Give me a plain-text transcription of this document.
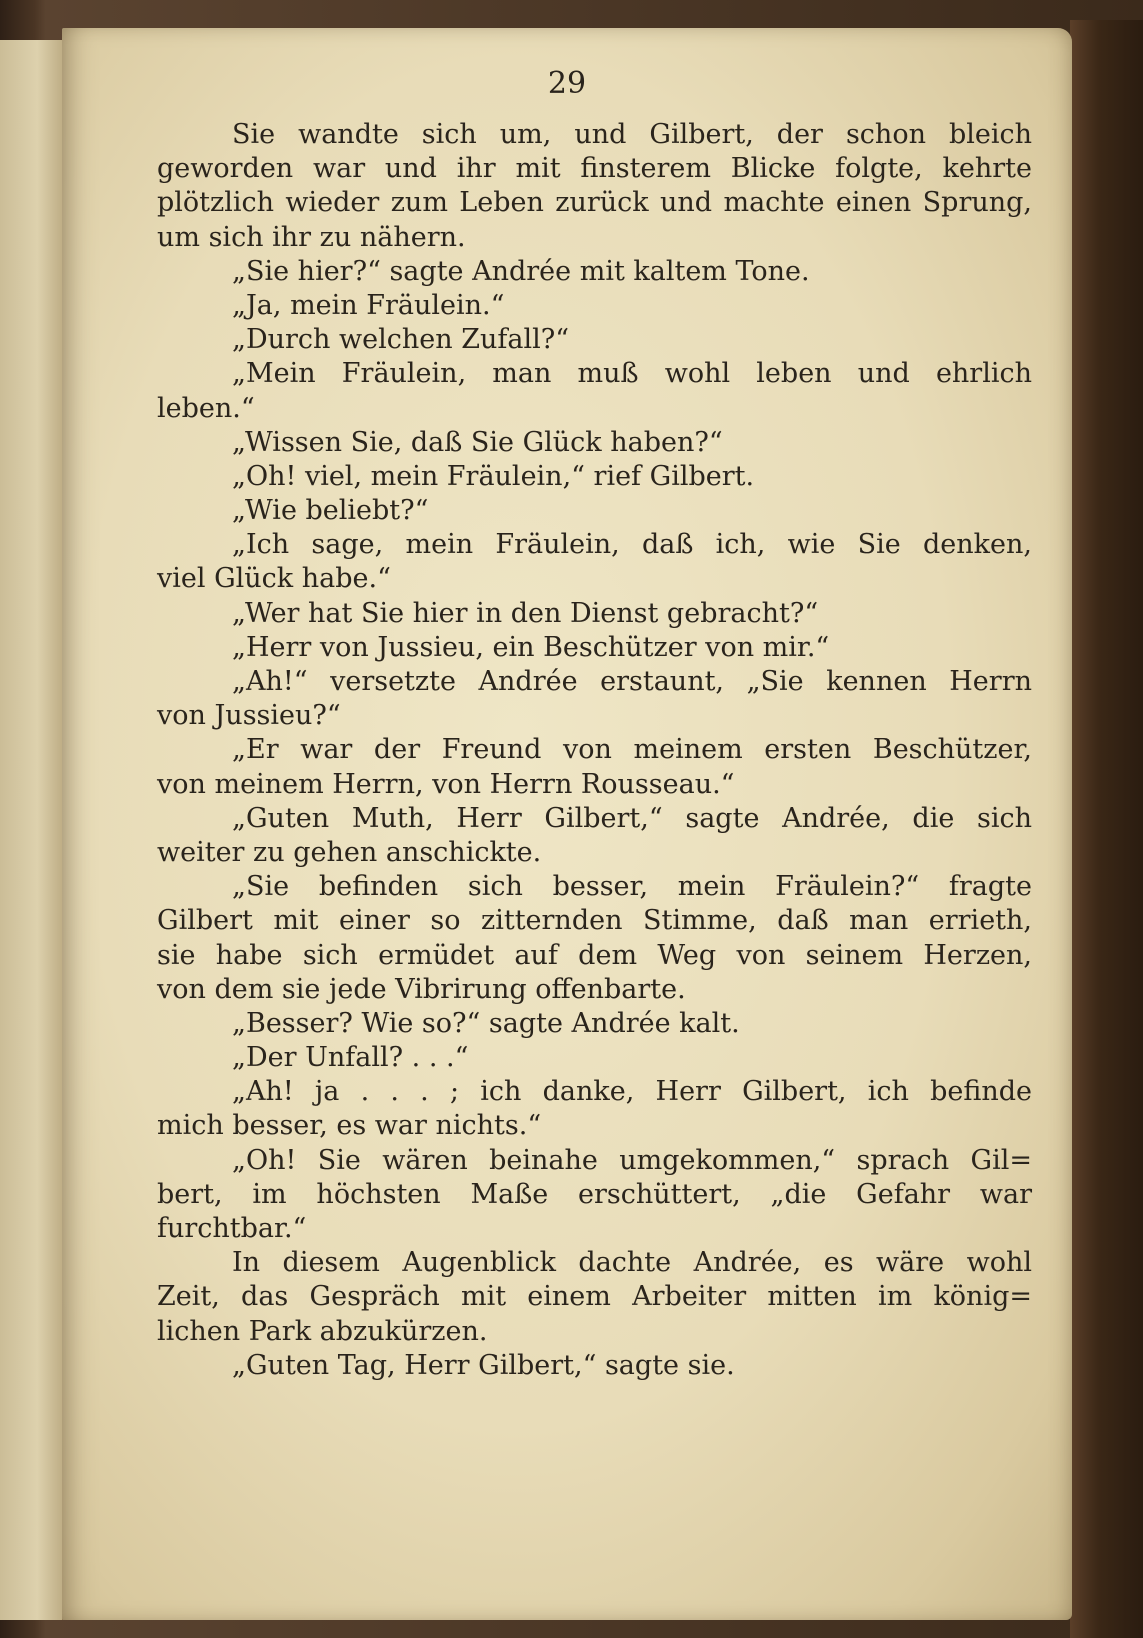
29
Sie wandte sich um, und Gilbert, der schon bleich
geworden war und ihr mit finsterem Blicke folgte, kehrte
plötzlich wieder zum Leben zurück und machte einen Sprung,
um sich ihr zu nähern.
„Sie hier?“ sagte Andrée mit kaltem Tone.
„Ja, mein Fräulein.“
„Durch welchen Zufall?“
„Mein Fräulein, man muß wohl leben und ehrlich
leben.“
„Wissen Sie, daß Sie Glück haben?“
„Oh! viel, mein Fräulein,“ rief Gilbert.
„Wie beliebt?“
„Ich sage, mein Fräulein, daß ich, wie Sie denken,
viel Glück habe.“
„Wer hat Sie hier in den Dienst gebracht?“
„Herr von Jussieu, ein Beschützer von mir.“
„Ah!“ versetzte Andrée erstaunt, „Sie kennen Herrn
von Jussieu?“
„Er war der Freund von meinem ersten Beschützer,
von meinem Herrn, von Herrn Rousseau.“
„Guten Muth, Herr Gilbert,“ sagte Andrée, die sich
weiter zu gehen anschickte.
„Sie befinden sich besser, mein Fräulein?“ fragte
Gilbert mit einer so zitternden Stimme, daß man errieth,
sie habe sich ermüdet auf dem Weg von seinem Herzen,
von dem sie jede Vibrirung offenbarte.
„Besser? Wie so?“ sagte Andrée kalt.
„Der Unfall? . . .“
„Ah! ja . . . ; ich danke, Herr Gilbert, ich befinde
mich besser, es war nichts.“
„Oh! Sie wären beinahe umgekommen,“ sprach Gil=
bert, im höchsten Maße erschüttert, „die Gefahr war
furchtbar.“
In diesem Augenblick dachte Andrée, es wäre wohl
Zeit, das Gespräch mit einem Arbeiter mitten im könig=
lichen Park abzukürzen.
„Guten Tag, Herr Gilbert,“ sagte sie.
